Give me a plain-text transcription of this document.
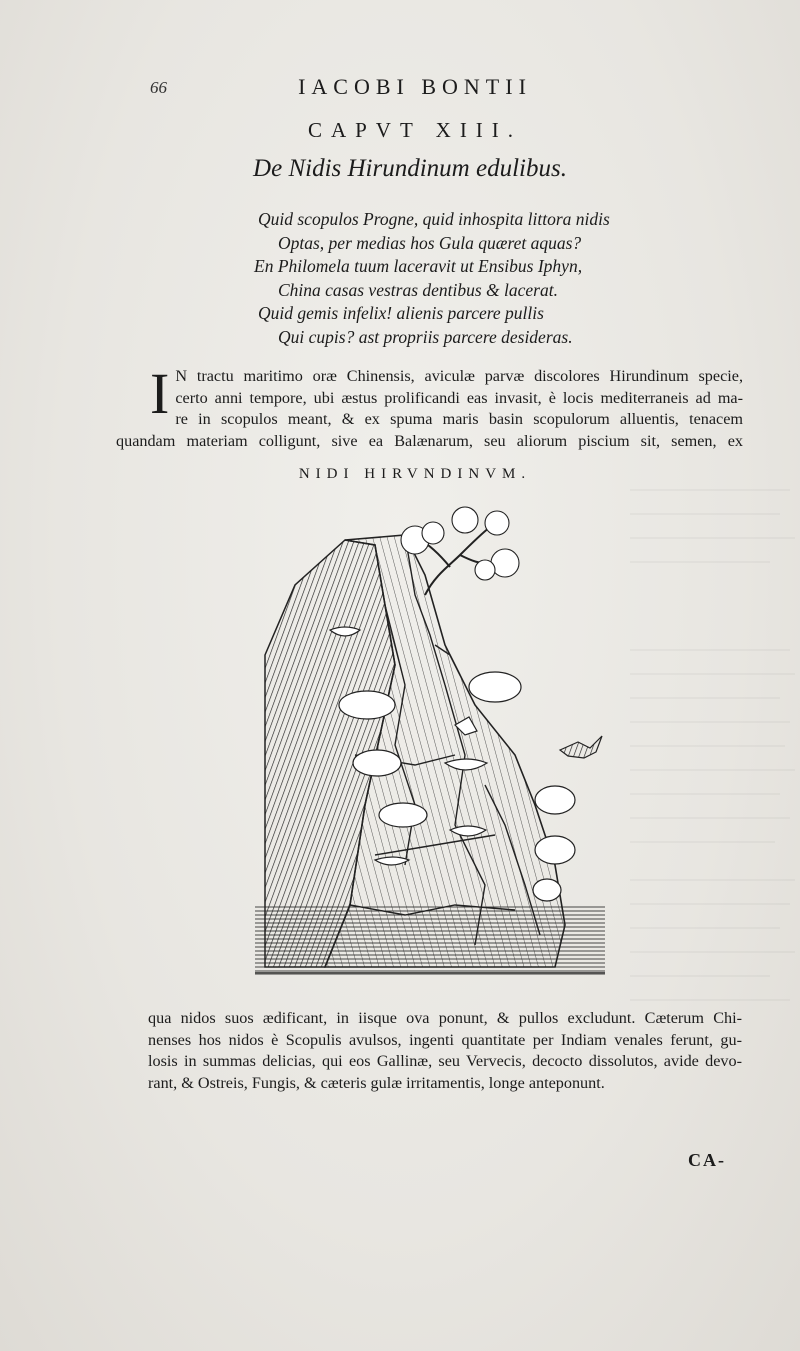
66	IACOBI BONTII
CAPVT XIII.
De Nidis Hirundinum edulibus.
Quid scopulos Progne, quid inhospita littora nidis
Optas, per medias hos Gula quæret aquas?
En Philomela tuum laceravit ut Ensibus Iphyn,
China casas vestras dentibus & lacerat.
Quid gemis infelix! alienis parcere pullis
Qui cupis? ast propriis parcere desideras.
I N tractu maritimo oræ Chinensis, aviculæ parvæ discolores Hirundinum specie,
certo anni tempore, ubi æstus prolificandi eas invasit, è locis mediterraneis ad ma-
re in scopulos meant, & ex spuma maris basin scopulorum alluentis, tenacem
quandam materiam colligunt, sive ea Balænarum, seu aliorum piscium sit, semen, ex
NIDI HIRVNDINVM.
qua nidos suos ædificant, in iisque ova ponunt, & pullos excludunt. Cæterum Chi-
nenses hos nidos è Scopulis avulsos, ingenti quantitate per Indiam venales ferunt, gu-
losis in summas delicias, qui eos Gallinæ, seu Vervecis, decocto dissolutos, avide devo-
rant, & Ostreis, Fungis, & cæteris gulæ irritamentis, longe anteponunt.
CA-
